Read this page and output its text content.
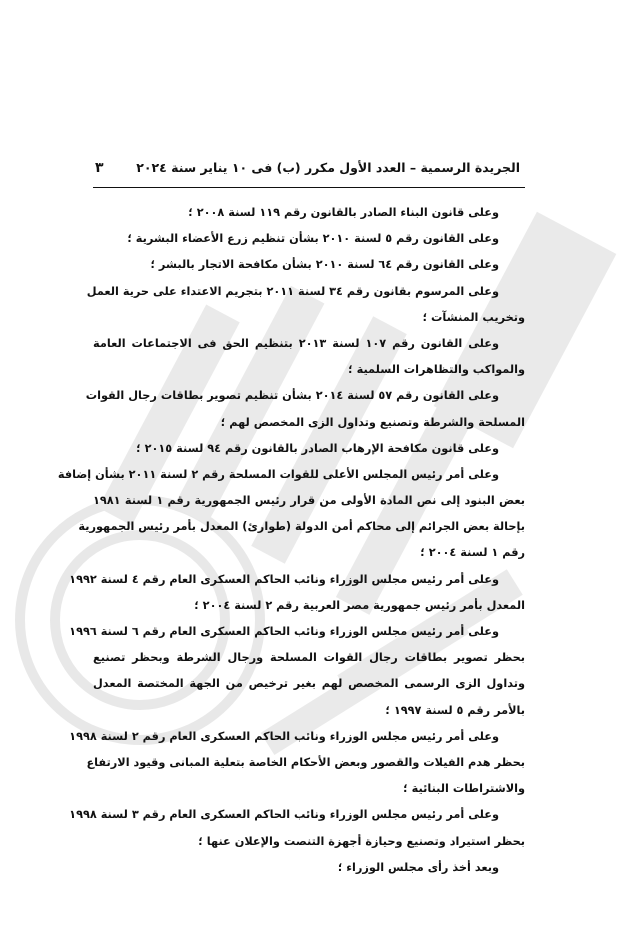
٣	الجريدة الرسمية – العدد الأول مكرر (ب) فى ١٠ يناير سنة ٢٠٢٤
وعلى قانون البناء الصادر بالقانون رقم ١١٩ لسنة ٢٠٠٨ ؛
وعلى القانون رقم ٥ لسنة ٢٠١٠ بشأن تنظيم زرع الأعضاء البشرية ؛
وعلى القانون رقم ٦٤ لسنة ٢٠١٠ بشأن مكافحة الاتجار بالبشر ؛
وعلى المرسوم بقانون رقم ٣٤ لسنة ٢٠١١ بتجريم الاعتداء على حرية العمل
وتخريب المنشآت ؛
وعلى القانون رقم ١٠٧ لسنة ٢٠١٣ بتنظيم الحق فى الاجتماعات العامة
والمواكب والتظاهرات السلمية ؛
وعلى القانون رقم ٥٧ لسنة ٢٠١٤ بشأن تنظيم تصوير بطاقات رجال القوات
المسلحة والشرطة وتصنيع وتداول الزى المخصص لهم ؛
وعلى قانون مكافحة الإرهاب الصادر بالقانون رقم ٩٤ لسنة ٢٠١٥ ؛
وعلى أمر رئيس المجلس الأعلى للقوات المسلحة رقم ٢ لسنة ٢٠١١ بشأن إضافة
بعض البنود إلى نص المادة الأولى من قرار رئيس الجمهورية رقم ١ لسنة ١٩٨١
بإحالة بعض الجرائم إلى محاكم أمن الدولة (طوارئ) المعدل بأمر رئيس الجمهورية
رقم ١ لسنة ٢٠٠٤ ؛
وعلى أمر رئيس مجلس الوزراء ونائب الحاكم العسكرى العام رقم ٤ لسنة ١٩٩٢
المعدل بأمر رئيس جمهورية مصر العربية رقم ٢ لسنة ٢٠٠٤ ؛
وعلى أمر رئيس مجلس الوزراء ونائب الحاكم العسكرى العام رقم ٦ لسنة ١٩٩٦
بحظر تصوير بطاقات رجال القوات المسلحة ورجال الشرطة وبحظر تصنيع
وتداول الزى الرسمى المخصص لهم بغير ترخيص من الجهة المختصة المعدل
بالأمر رقم ٥ لسنة ١٩٩٧ ؛
وعلى أمر رئيس مجلس الوزراء ونائب الحاكم العسكرى العام رقم ٢ لسنة ١٩٩٨
بحظر هدم الفيلات والقصور وبعض الأحكام الخاصة بتعلية المبانى وقيود الارتفاع
والاشتراطات البنائية ؛
وعلى أمر رئيس مجلس الوزراء ونائب الحاكم العسكرى العام رقم ٣ لسنة ١٩٩٨
بحظر استيراد وتصنيع وحيازة أجهزة التنصت والإعلان عنها ؛
وبعد أخذ رأى مجلس الوزراء ؛
